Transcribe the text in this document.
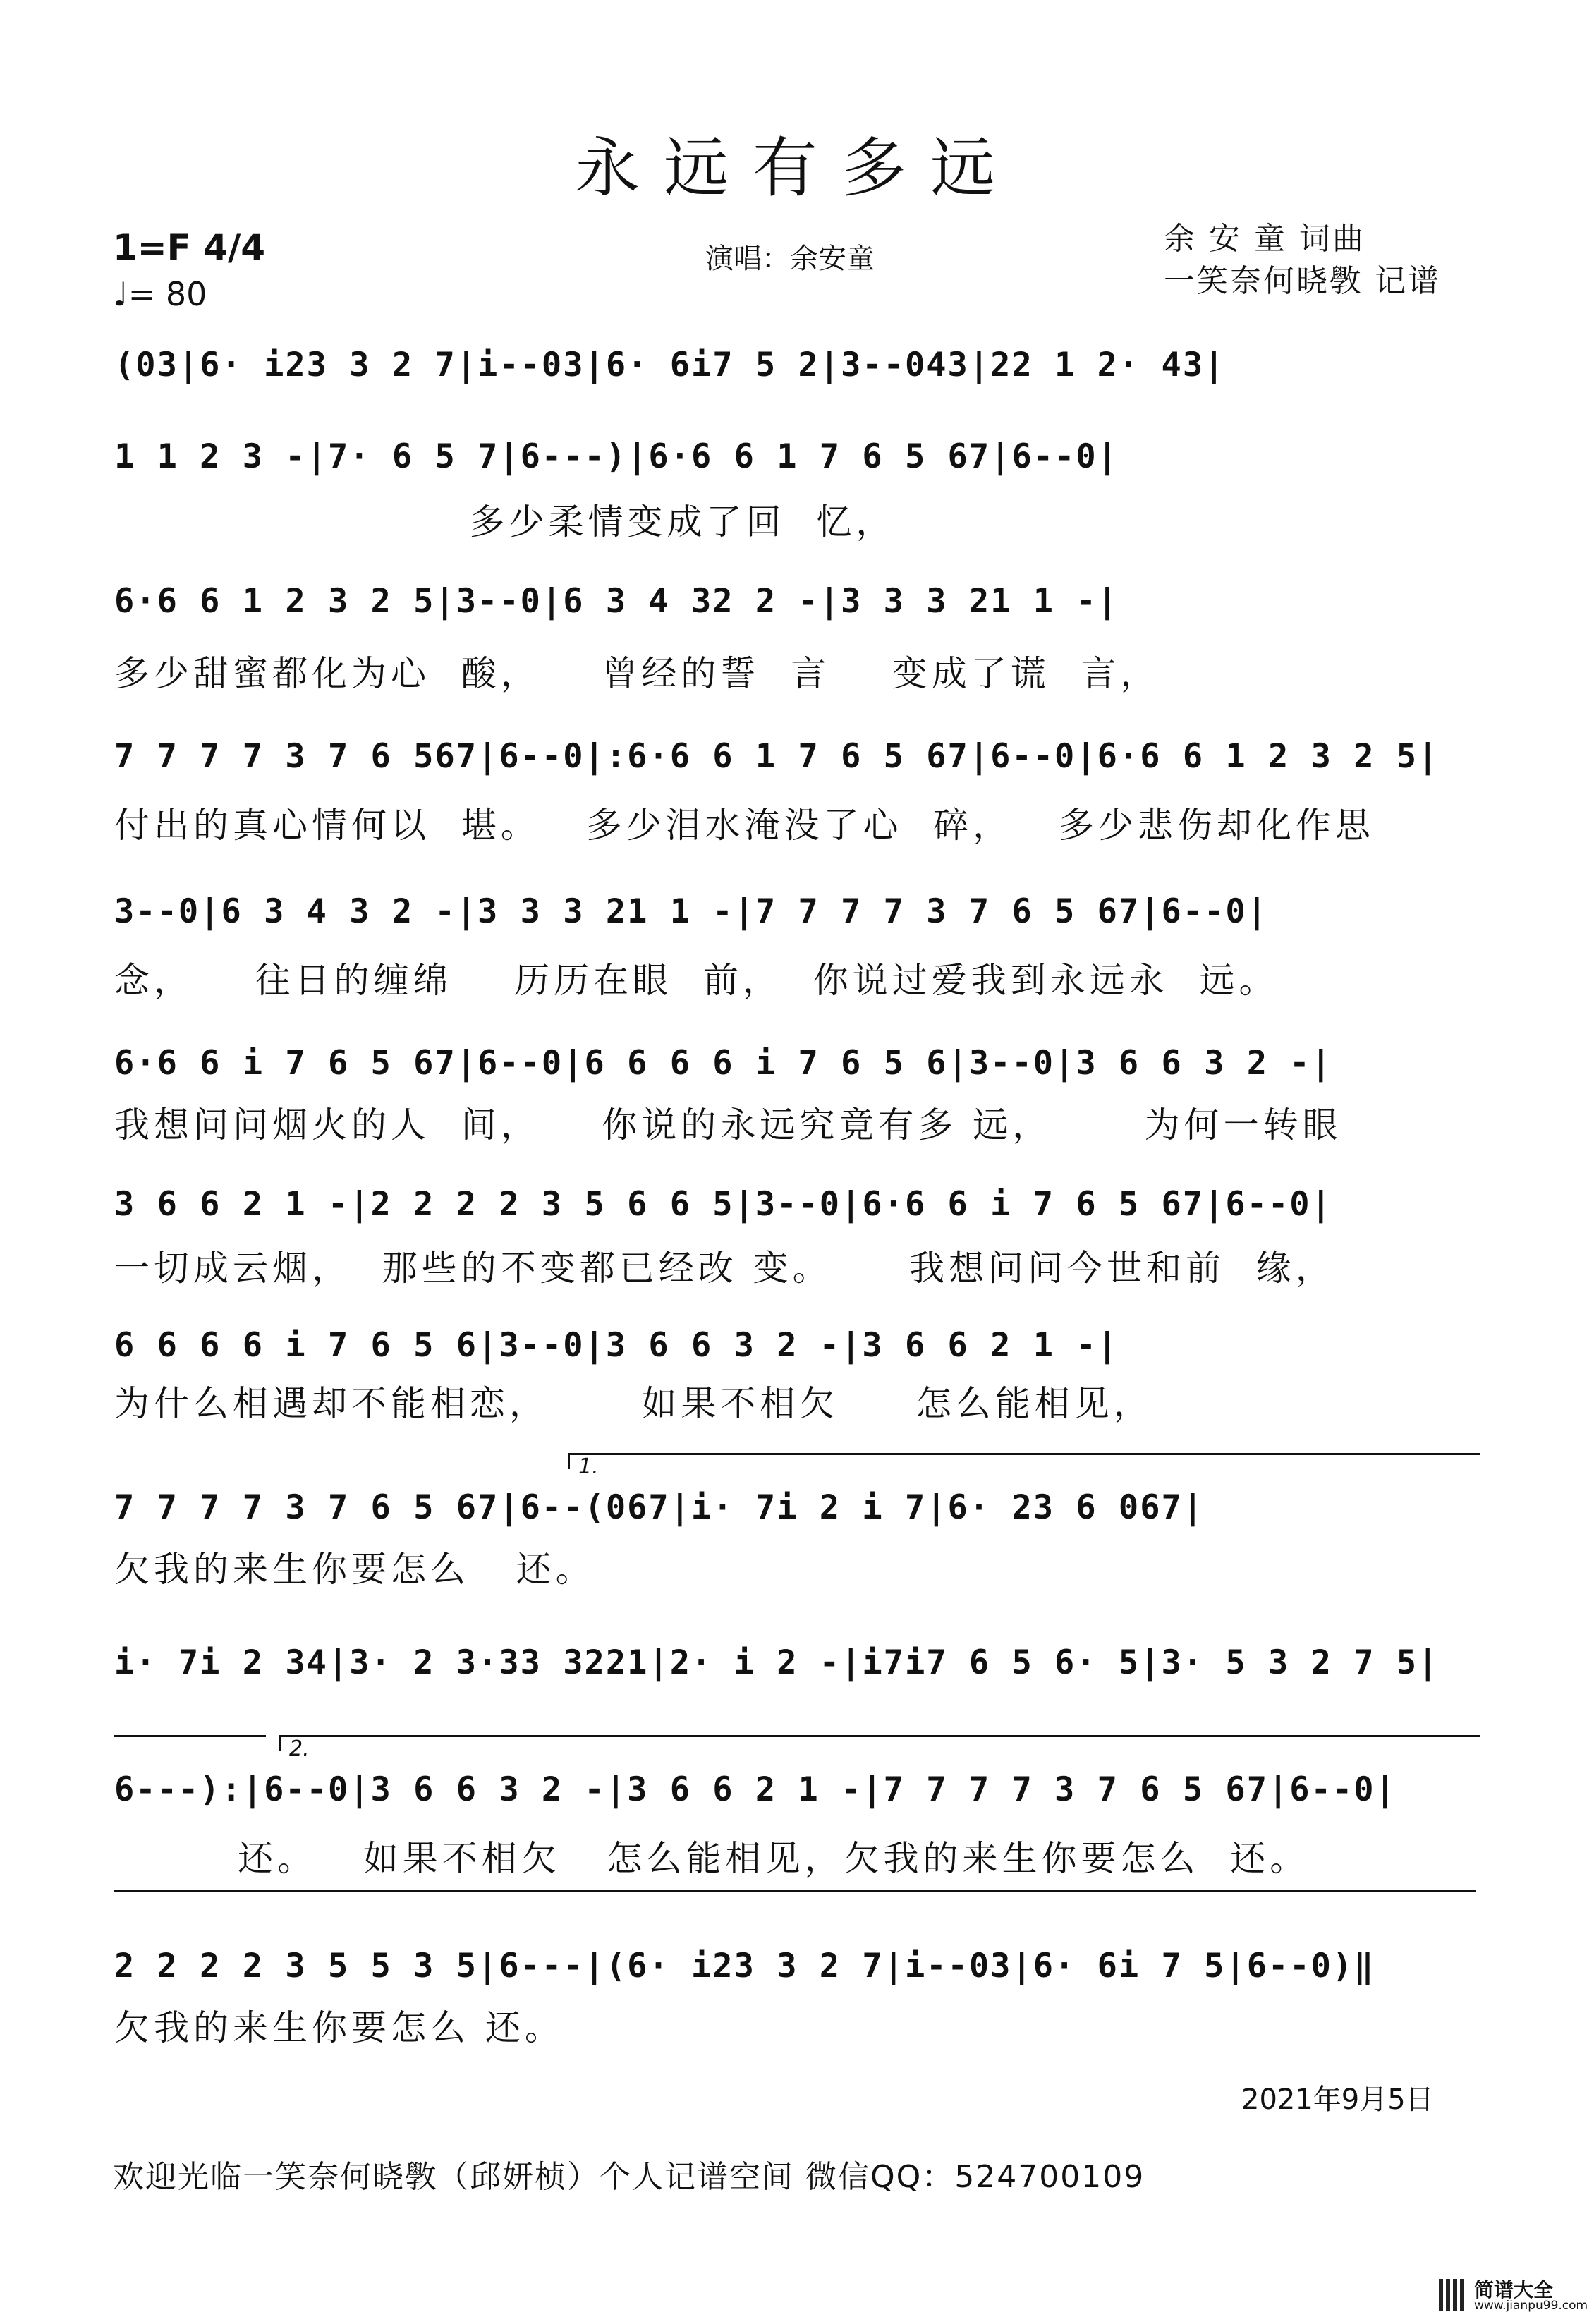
永远有多远
1=F 4/4
♩= 80
演唱：余安童
余 安 童 词曲
一笑奈何晓斆 记谱
(03|6· i23 3 2 7|i--03|6· 6i7 5 2|3--043|22 1 2· 43|
1 1 2 3 -|7· 6 5 7|6---)|6·6 6 1 7 6 5 67|6--0|
多少柔情变成了回  忆，
6·6 6 1 2 3 2 5|3--0|6 3 4 32 2 -|3 3 3 21 1 -|
多少甜蜜都化为心  酸，    曾经的誓  言    变成了谎  言，
7 7 7 7 3 7 6 567|6--0|:6·6 6 1 7 6 5 67|6--0|6·6 6 1 2 3 2 5|
付出的真心情何以  堪。   多少泪水淹没了心  碎，   多少悲伤却化作思
3--0|6 3 4 3 2 -|3 3 3 21 1 -|7 7 7 7 3 7 6 5 67|6--0|
念，    往日的缠绵    历历在眼  前，  你说过爱我到永远永  远。
6·6 6 i 7 6 5 67|6--0|6 6 6 6 i 7 6 5 6|3--0|3 6 6 3 2 -|
我想问问烟火的人  间，    你说的永远究竟有多 远，      为何一转眼
3 6 6 2 1 -|2 2 2 2 3 5 6 6 5|3--0|6·6 6 i 7 6 5 67|6--0|
一切成云烟，  那些的不变都已经改 变。     我想问问今世和前  缘，
6 6 6 6 i 7 6 5 6|3--0|3 6 6 3 2 -|3 6 6 2 1 -|
为什么相遇却不能相恋，      如果不相欠     怎么能相见，
1.
7 7 7 7 3 7 6 5 67|6--(067|i· 7i 2 i 7|6· 23 6 067|
欠我的来生你要怎么   还。
i· 7i 2 34|3· 2 3·33 3221|2· i 2 -|i7i7 6 5 6· 5|3· 5 3 2 7 5|
2.
6---):|6--0|3 6 6 3 2 -|3 6 6 2 1 -|7 7 7 7 3 7 6 5 67|6--0|
还。   如果不相欠   怎么能相见，欠我的来生你要怎么  还。
2 2 2 2 3 5 5 3 5|6---|(6· i23 3 2 7|i--03|6· 6i 7 5|6--0)‖
欠我的来生你要怎么 还。
2021年9月5日
欢迎光临一笑奈何晓斆（邱妍桢）个人记谱空间 微信QQ：524700109
简谱大全
www.jianpu99.com
